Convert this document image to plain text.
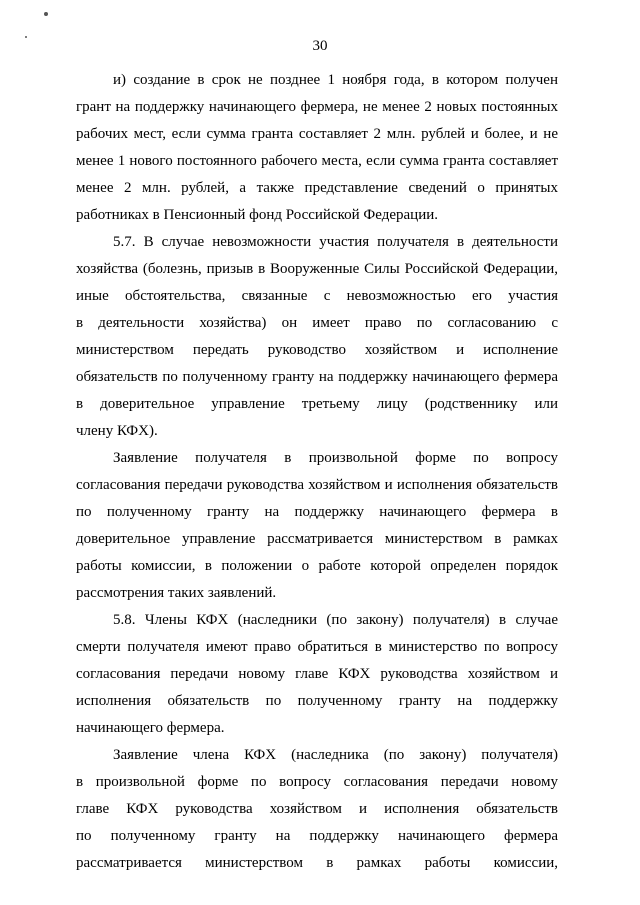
30
и) создание в срок не позднее 1 ноября года, в котором получен
грант на поддержку начинающего фермера, не менее 2 новых постоянных
рабочих мест, если сумма гранта составляет 2 млн. рублей и более, и не
менее 1 нового постоянного рабочего места, если сумма гранта составляет
менее 2 млн. рублей, а также представление сведений о принятых
работниках в Пенсионный фонд Российской Федерации.
5.7. В случае невозможности участия получателя в деятельности
хозяйства (болезнь, призыв в Вооруженные Силы Российской Федерации,
иные обстоятельства, связанные с невозможностью его участия
в деятельности хозяйства) он имеет право по согласованию с
министерством передать руководство хозяйством и исполнение
обязательств по полученному гранту на поддержку начинающего фермера
в доверительное управление третьему лицу (родственнику или
члену КФХ).
Заявление получателя в произвольной форме по вопросу
согласования передачи руководства хозяйством и исполнения обязательств
по полученному гранту на поддержку начинающего фермера в
доверительное управление рассматривается министерством в рамках
работы комиссии, в положении о работе которой определен порядок
рассмотрения таких заявлений.
5.8. Члены КФХ (наследники (по закону) получателя) в случае
смерти получателя имеют право обратиться в министерство по вопросу
согласования передачи новому главе КФХ руководства хозяйством и
исполнения обязательств по полученному гранту на поддержку
начинающего фермера.
Заявление члена КФХ (наследника (по закону) получателя)
в произвольной форме по вопросу согласования передачи новому
главе КФХ руководства хозяйством и исполнения обязательств
по полученному гранту на поддержку начинающего фермера
рассматривается министерством в рамках работы комиссии,
